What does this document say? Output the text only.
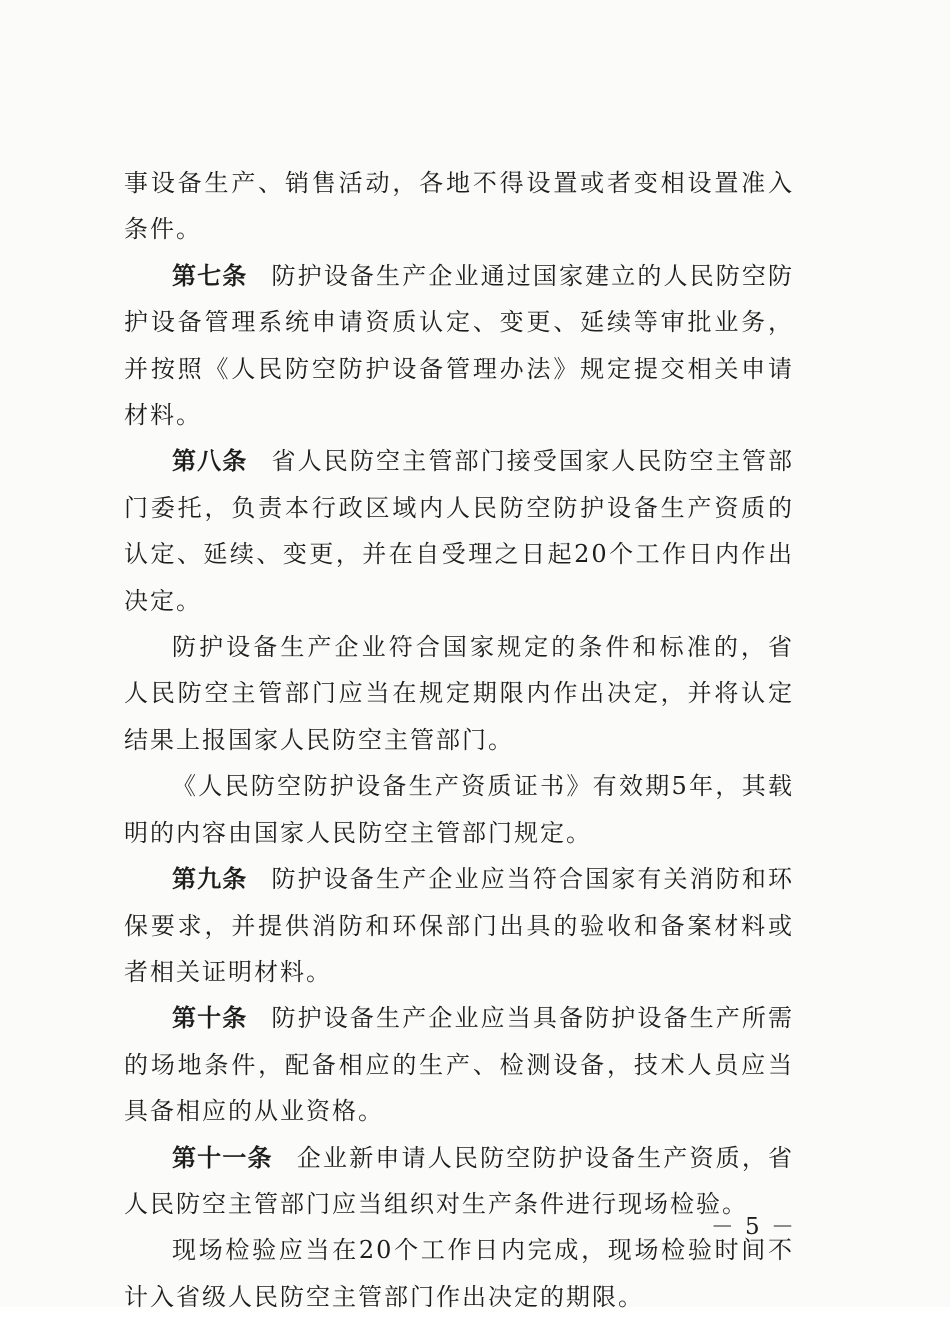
事设备生产、销售活动，各地不得设置或者变相设置准入条件。

第七条 防护设备生产企业通过国家建立的人民防空防护设备管理系统申请资质认定、变更、延续等审批业务，并按照《人民防空防护设备管理办法》规定提交相关申请材料。

第八条 省人民防空主管部门接受国家人民防空主管部门委托，负责本行政区域内人民防空防护设备生产资质的认定、延续、变更，并在自受理之日起20个工作日内作出决定。

防护设备生产企业符合国家规定的条件和标准的，省人民防空主管部门应当在规定期限内作出决定，并将认定结果上报国家人民防空主管部门。

《人民防空防护设备生产资质证书》有效期5年，其载明的内容由国家人民防空主管部门规定。

第九条 防护设备生产企业应当符合国家有关消防和环保要求，并提供消防和环保部门出具的验收和备案材料或者相关证明材料。

第十条 防护设备生产企业应当具备防护设备生产所需的场地条件，配备相应的生产、检测设备，技术人员应当具备相应的从业资格。

第十一条 企业新申请人民防空防护设备生产资质，省人民防空主管部门应当组织对生产条件进行现场检验。

现场检验应当在20个工作日内完成，现场检验时间不计入省级人民防空主管部门作出决定的期限。

－ 5 －
